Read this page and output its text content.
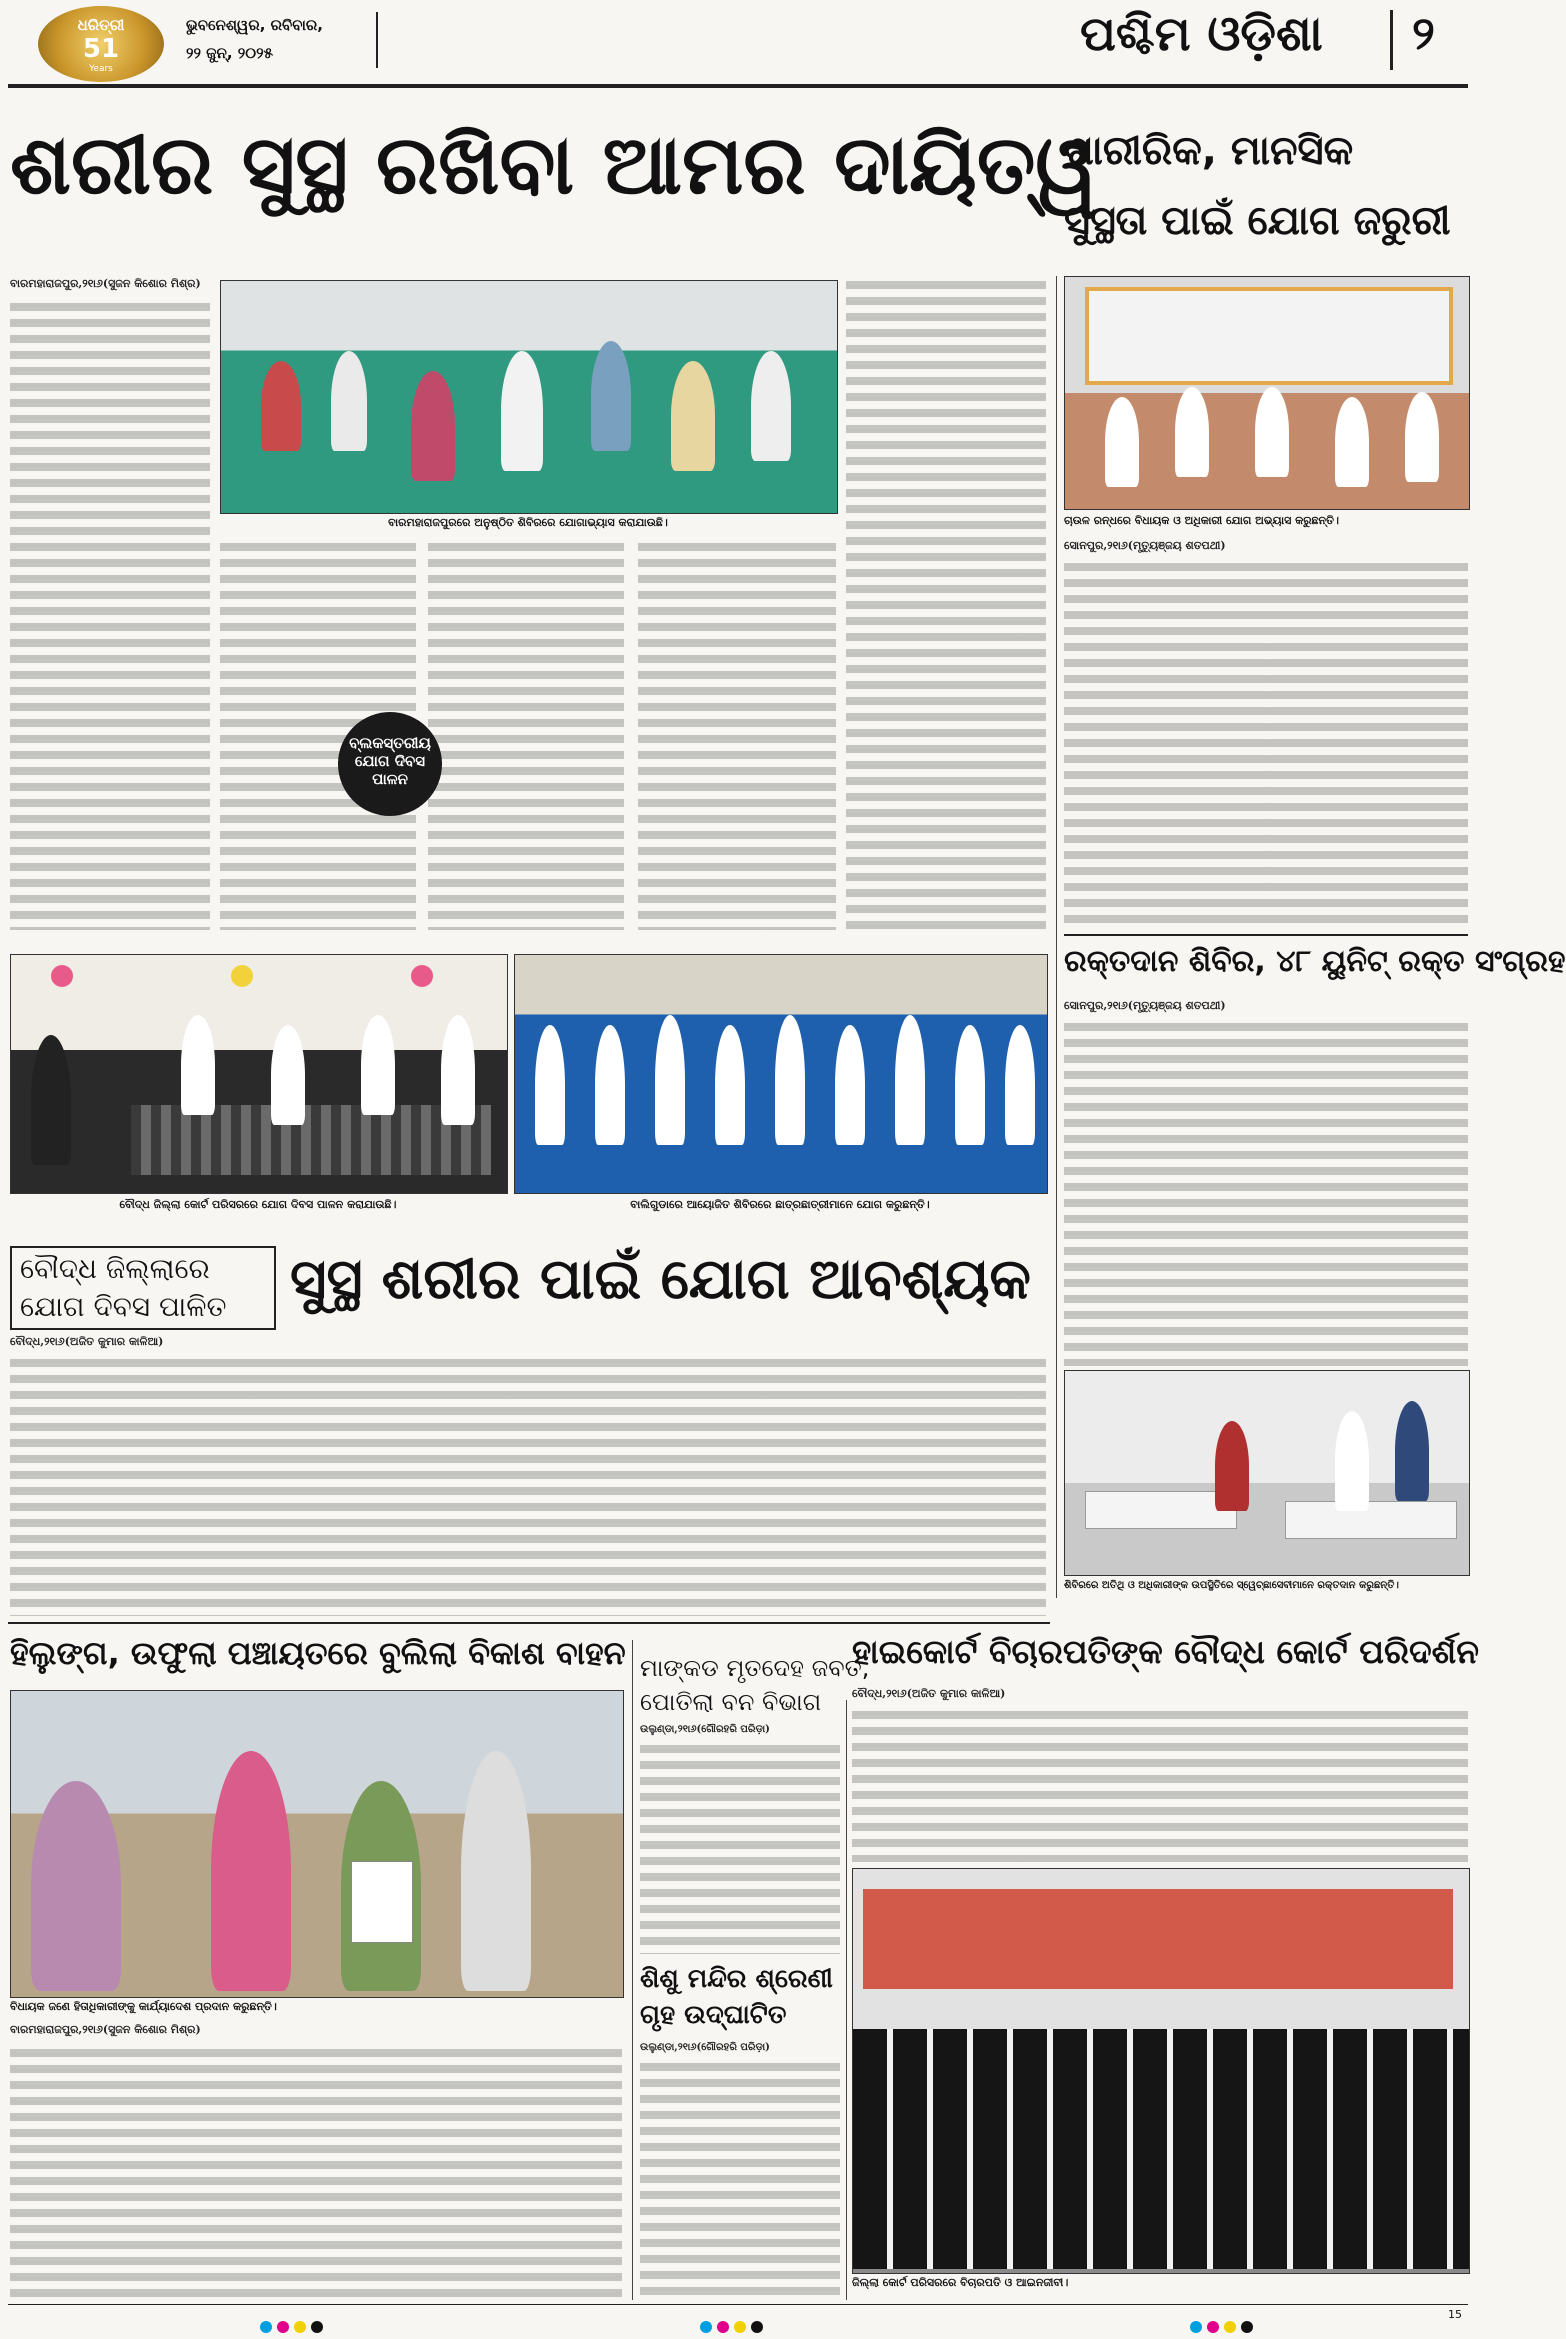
ଧରିତ୍ରୀ
51
Years
ଭୁବନେଶ୍ୱର, ରବିବାର,
୨୨ ଜୁନ୍, ୨୦୨୫	ପଶ୍ଚିମ ଓଡ଼ିଶା ୨
ଶରୀର ସୁସ୍ଥ ରଖିବା ଆମର ଦାୟିତ୍ୱ
ଶାରୀରିକ, ମାନସିକ
ସୁସ୍ଥତା ପାଇଁ ଯୋଗ ଜରୁରୀ
ବାରମହାରାଜପୁର,୨୧ା୬(ସୁଜନ କିଶୋର ମିଶ୍ର)
ବାରମହାରାଜପୁରରେ ଅନୁଷ୍ଠିତ ଶିବିରରେ ଯୋଗାଭ୍ୟାସ କରାଯାଉଛି।
ବ୍ଲକସ୍ତରୀୟ
ଯୋଗ ଦିବସ
ପାଳନ
ଚାଉଳ ରନ୍ଧରେ ବିଧାୟକ ଓ ଅଧିକାରୀ ଯୋଗ ଅଭ୍ୟାସ କରୁଛନ୍ତି।
ସୋନପୁର,୨୧ା୬(ମୃତ୍ୟୁଞ୍ଜୟ ଶତପଥୀ)
ରକ୍ତଦାନ ଶିବିର, ୪୮ ୟୁନିଟ୍ ରକ୍ତ ସଂଗ୍ରହ
ସୋନପୁର,୨୧ା୬(ମୃତ୍ୟୁଞ୍ଜୟ ଶତପଥୀ)
ଶିବିରରେ ଅତିଥି ଓ ଅଧିକାରୀଙ୍କ ଉପସ୍ଥିତିରେ ସ୍ୱେଚ୍ଛାସେବୀମାନେ ରକ୍ତଦାନ କରୁଛନ୍ତି।
ବୌଦ୍ଧ ଜିଲ୍ଲା କୋର୍ଟ ପରିସରରେ ଯୋଗ ଦିବସ ପାଳନ କରାଯାଉଛି।	ବାଲିଗୁଡାରେ ଆୟୋଜିତ ଶିବିରରେ ଛାତ୍ରଛାତ୍ରୀମାନେ ଯୋଗ କରୁଛନ୍ତି।
ବୌଦ୍ଧ ଜିଲ୍ଲାରେ
ଯୋଗ ଦିବସ ପାଳିତ ସୁସ୍ଥ ଶରୀର ପାଇଁ ଯୋଗ ଆବଶ୍ୟକ
ବୌଦ୍ଧ,୨୧ା୬(ଅଜିତ କୁମାର କାଳିଆ)
ହିଲୁଙ୍ଗ, ଉଫୁଲା ପଞ୍ଚାୟତରେ ବୁଲିଲା ବିକାଶ ବାହନ
ବିଧାୟକ ଜଣେ ହିତାଧିକାରୀଙ୍କୁ କାର୍ଯ୍ୟାଦେଶ ପ୍ରଦାନ କରୁଛନ୍ତି।
ବାରମହାରାଜପୁର,୨୧ା୬(ସୁଜନ କିଶୋର ମିଶ୍ର)
ମାଙ୍କଡ ମୃତଦେହ ଜବତ,
ପୋତିଲା ବନ ବିଭାଗ
ଉଲୁଣ୍ଡା,୨୧ା୬(ଗୌରହରି ପରିଡ଼ା)
ଶିଶୁ ମନ୍ଦିର ଶ୍ରେଣୀ
ଗୃହ ଉଦ୍‌ଘାଟିତ
ଉଲୁଣ୍ଡା,୨୧ା୬(ଗୌରହରି ପରିଡ଼ା)
ହାଇକୋର୍ଟ ବିଚାରପତିଙ୍କ ବୌଦ୍ଧ କୋର୍ଟ ପରିଦର୍ଶନ
ବୌଦ୍ଧ,୨୧ା୬(ଅଜିତ କୁମାର କାଳିଆ)
ଜିଲ୍ଲା କୋର୍ଟ ପରିସରରେ ବିଚାରପତି ଓ ଆଇନଜୀବୀ।
15
